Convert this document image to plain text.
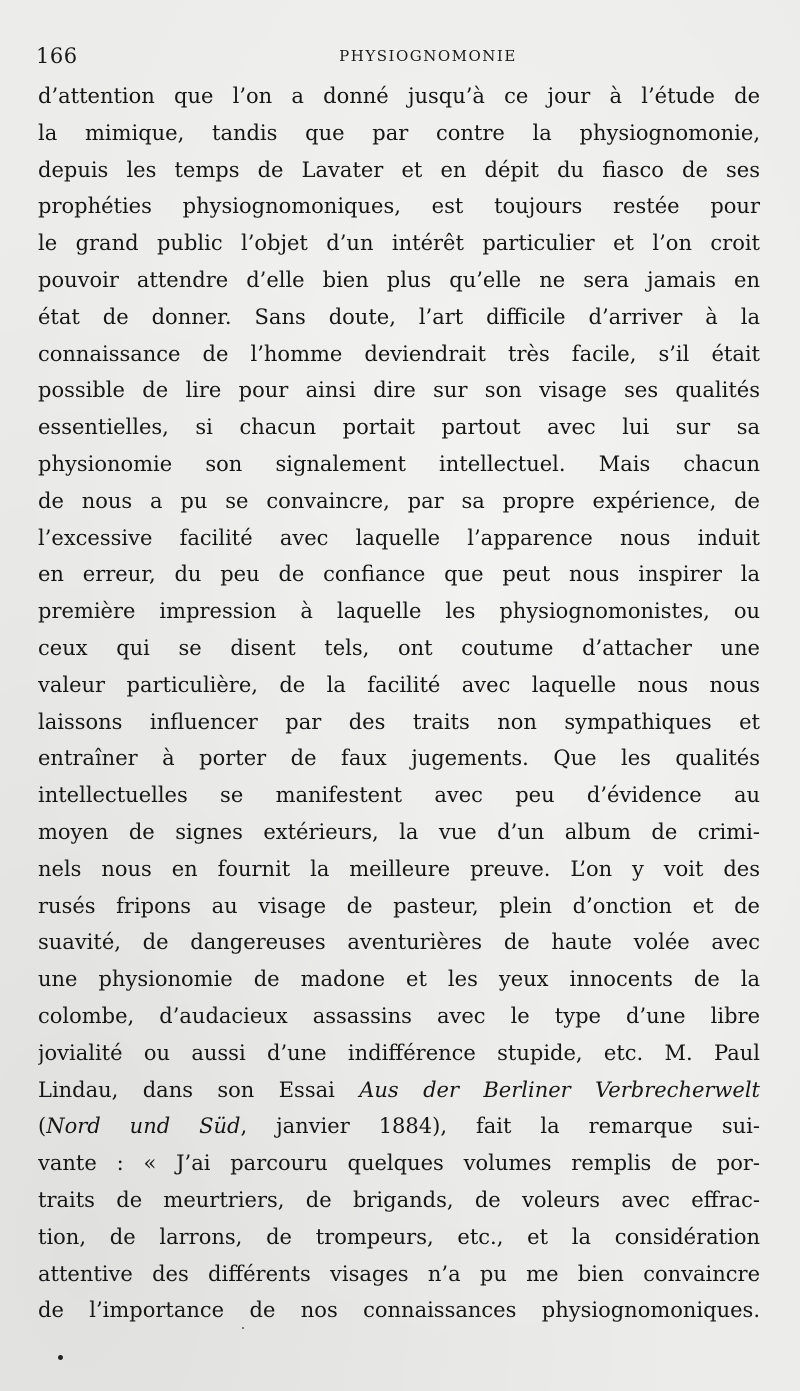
166	PHYSIOGNOMONIE
d’attention que l’on a donné jusqu’à ce jour à l’étude de
la mimique, tandis que par contre la physiognomonie,
depuis les temps de Lavater et en dépit du fiasco de ses
prophéties physiognomoniques, est toujours restée pour
le grand public l’objet d’un intérêt particulier et l’on croit
pouvoir attendre d’elle bien plus qu’elle ne sera jamais en
état de donner. Sans doute, l’art difficile d’arriver à la
connaissance de l’homme deviendrait très facile, s’il était
possible de lire pour ainsi dire sur son visage ses qualités
essentielles, si chacun portait partout avec lui sur sa
physionomie son signalement intellectuel. Mais chacun
de nous a pu se convaincre, par sa propre expérience, de
l’excessive facilité avec laquelle l’apparence nous induit
en erreur, du peu de confiance que peut nous inspirer la
première impression à laquelle les physiognomonistes, ou
ceux qui se disent tels, ont coutume d’attacher une
valeur particulière, de la facilité avec laquelle nous nous
laissons influencer par des traits non sympathiques et
entraîner à porter de faux jugements. Que les qualités
intellectuelles se manifestent avec peu d’évidence au
moyen de signes extérieurs, la vue d’un album de crimi-
nels nous en fournit la meilleure preuve. L’on y voit des
rusés fripons au visage de pasteur, plein d’onction et de
suavité, de dangereuses aventurières de haute volée avec
une physionomie de madone et les yeux innocents de la
colombe, d’audacieux assassins avec le type d’une libre
jovialité ou aussi d’une indifférence stupide, etc. M. Paul
Lindau, dans son Essai Aus der Berliner Verbrecherwelt
(Nord und Süd, janvier 1884), fait la remarque sui-
vante : « J’ai parcouru quelques volumes remplis de por-
traits de meurtriers, de brigands, de voleurs avec effrac-
tion, de larrons, de trompeurs, etc., et la considération
attentive des différents visages n’a pu me bien convaincre
de l’importance de nos connaissances physiognomoniques.
